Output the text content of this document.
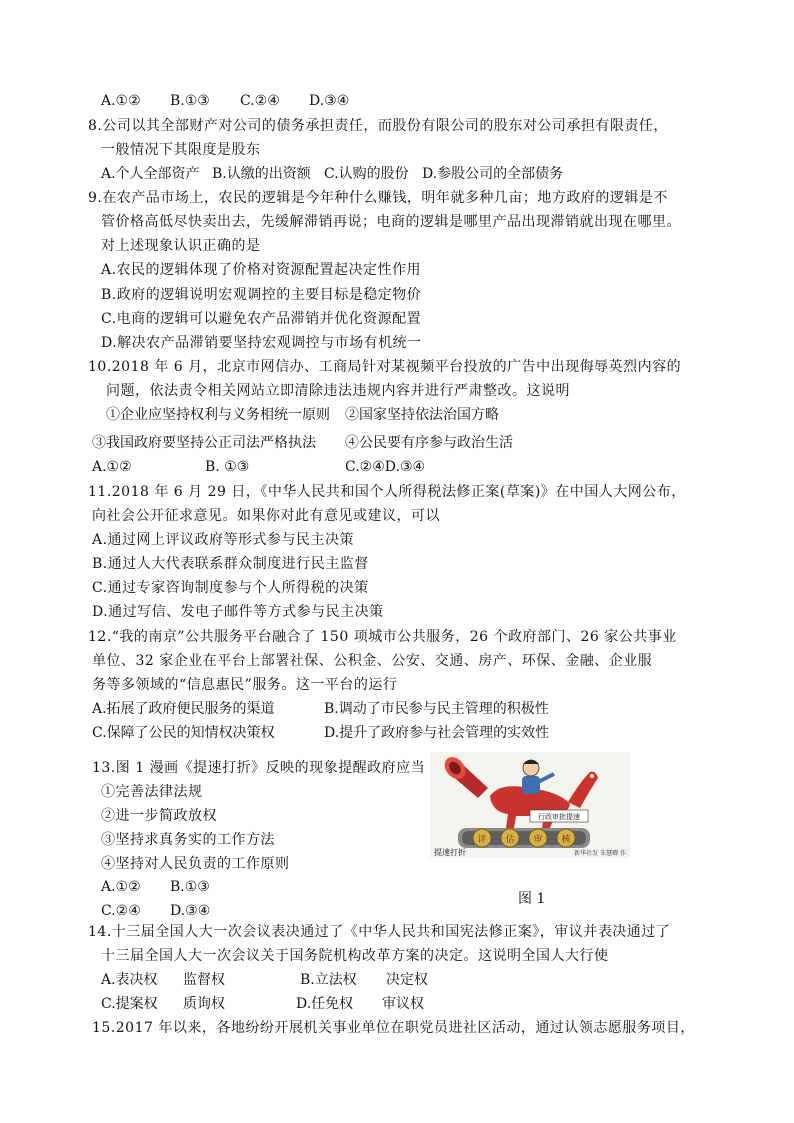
A.①② B.①③ C.②④ D.③④
8.公司以其全部财产对公司的债务承担责任，而股份有限公司的股东对公司承担有限责任，
一般情况下其限度是股东
A.个人全部资产 B.认缴的出资额 C.认购的股份 D.参股公司的全部债务
9.在农产品市场上，农民的逻辑是今年种什么赚钱，明年就多种几亩；地方政府的逻辑是不
管价格高低尽快卖出去，先缓解滞销再说；电商的逻辑是哪里产品出现滞销就出现在哪里。
对上述现象认识正确的是
A.农民的逻辑体现了价格对资源配置起决定性作用
B.政府的逻辑说明宏观调控的主要目标是稳定物价
C.电商的逻辑可以避免农产品滞销并优化资源配置
D.解决农产品滞销要坚持宏观调控与市场有机统一
10.2018 年 6 月，北京市网信办、工商局针对某视频平台投放的广告中出现侮辱英烈内容的
问题，依法责令相关网站立即清除违法违规内容并进行严肃整改。这说明
①企业应坚持权利与义务相统一原则 ②国家坚持依法治国方略
③我国政府要坚持公正司法严格执法 ④公民要有序参与政治生活
A.①②	B. ①③	C.②④D.③④
11.2018 年 6 月 29 日，《中华人民共和国个人所得税法修正案(草案)》在中国人大网公布，
向社会公开征求意见。如果你对此有意见或建议，可以
A.通过网上评议政府等形式参与民主决策
B.通过人大代表联系群众制度进行民主监督
C.通过专家咨询制度参与个人所得税的决策
D.通过写信、发电子邮件等方式参与民主决策
12.“我的南京”公共服务平台融合了 150 项城市公共服务，26 个政府部门、26 家公共事业
单位、32 家企业在平台上部署社保、公积金、公安、交通、房产、环保、金融、企业服
务等多领域的“信息惠民”服务。这一平台的运行
A.拓展了政府便民服务的渠道	B.调动了市民参与民主管理的积极性
C.保障了公民的知情权决策权	D.提升了政府参与社会管理的实效性
13.图 1 漫画《提速打折》反映的现象提醒政府应当
①完善法律法规
②进一步简政放权
③坚持求真务实的工作方法
④坚持对人民负责的工作原则
A.①② B.①③
C.②④ D.③④
评 估 审 核
行政审批提速
提速打折	新华社发 朱慧卿 作
图 1
14.十三届全国人大一次会议表决通过了《中华人民共和国宪法修正案》，审议并表决通过了
十三届全国人大一次会议关于国务院机构改革方案的决定。这说明全国人大行使
A.表决权 监督权	B.立法权 决定权
C.提案权 质询权	D.任免权 审议权
15.2017 年以来，各地纷纷开展机关事业单位在职党员进社区活动，通过认领志愿服务项目，
